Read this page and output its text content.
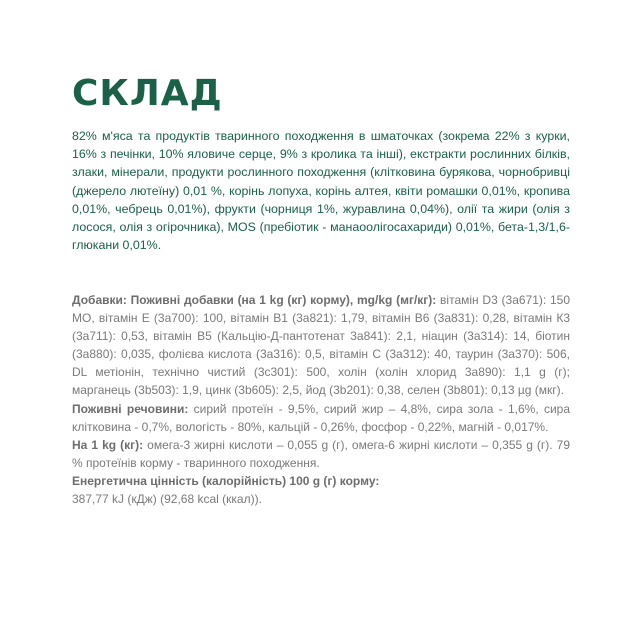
СКЛАД

82% м'яса та продуктів тваринного походження в шматочках (зокрема 22% з курки, 16% з печінки, 10% яловиче серце, 9% з кролика та інші), екстракти рослинних білків, злаки, мінерали, продукти рослинного походження (клітковина бурякова, чорнобривці (джерело лютеїну) 0,01 %, корінь лопуха, корінь алтея, квіти ромашки 0,01%, кропива 0,01%, чебрець 0,01%), фрукти (чорниця 1%, журавлина 0,04%), олії та жири (олія з лосося, олія з огірочника), MOS (пребіотик - манаоолігосахариди) 0,01%, бета-1,3/1,6-глюкани 0,01%.

Добавки: Поживні добавки (на 1 kg (кг) корму), mg/kg (мг/кг): вітамін D3 (3a671): 150 МО, вітамін Е (3a700): 100, вітамін В1 (3a821): 1,79, вітамін В6 (3a831): 0,28, вітамін К3 (3a711): 0,53, вітамін В5 (Кальцію-Д-пантотенат 3a841): 2,1, ніацин (3a314): 14, біотин (3a880): 0,035, фолієва кислота (3a316): 0,5, вітамін С (3a312): 40, таурин (3a370): 506, DL метіонін, технічно чистий (3c301): 500, холін (холін хлорид 3a890): 1,1 g (г); марганець (3b503): 1,9, цинк (3b605): 2,5, йод (3b201): 0,38, селен (3b801): 0,13 µg (мкг).

Поживні речовини: сирий протеїн - 9,5%, сирий жир – 4,8%, сира зола - 1,6%, сира клітковина - 0,7%, вологість - 80%, кальцій - 0,26%, фосфор - 0,22%, магній - 0,017%.

На 1 kg (кг): омега-3 жирні кислоти – 0,055 g (г), омега-6 жирні кислоти – 0,355 g (г). 79 % протеїнів корму - тваринного походження.

Енергетична цінність (калорійність) 100 g (г) корму:

387,77 kJ (кДж) (92,68 kcal (ккал)).
